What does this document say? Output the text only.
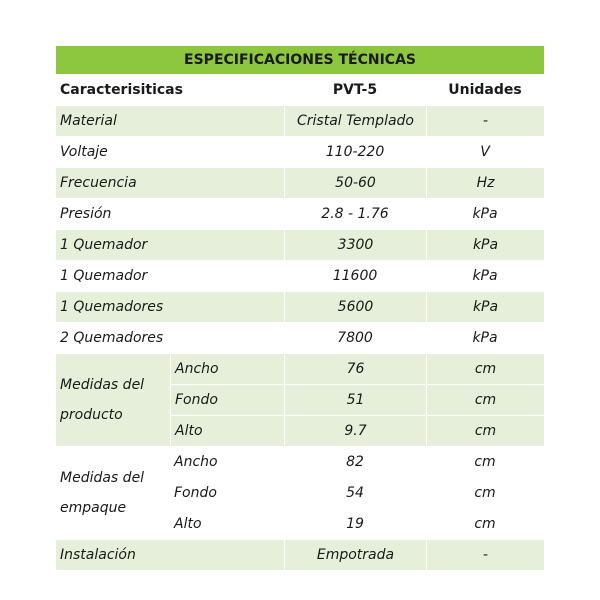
ESPECIFICACIONES TÉCNICAS			
Caracterisiticas		PVT-5	Unidades
Material		Cristal Templado	-
Voltaje		110-220	V
Frecuencia		50-60	Hz
Presión		2.8 - 1.76	kPa
1 Quemador		3300	kPa
1 Quemador		11600	kPa
1 Quemadores		5600	kPa
2 Quemadores		7800	kPa
Medidas del producto	Ancho	76	cm
	Fondo	51	cm
	Alto	9.7	cm
Medidas del empaque	Ancho	82	cm
	Fondo	54	cm
	Alto	19	cm
Instalación		Empotrada	-
